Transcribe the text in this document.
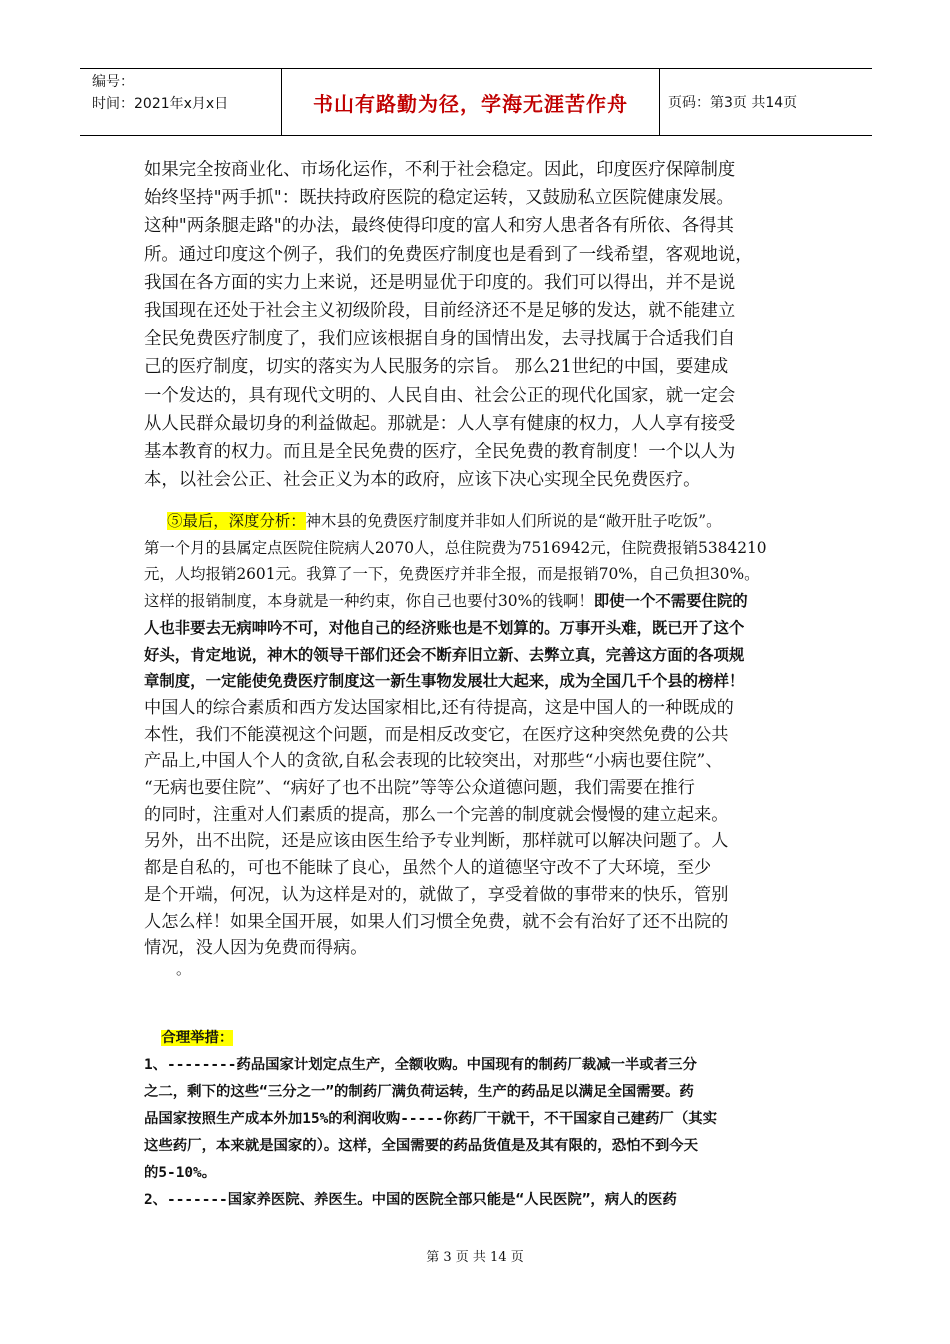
编号：
时间：2021年x月x日	书山有路勤为径，学海无涯苦作舟	页码：第3页 共14页
如果完全按商业化、市场化运作，不利于社会稳定。因此，印度医疗保障制度
始终坚持"两手抓"：既扶持政府医院的稳定运转，又鼓励私立医院健康发展。
这种"两条腿走路"的办法，最终使得印度的富人和穷人患者各有所依、各得其
所。通过印度这个例子，我们的免费医疗制度也是看到了一线希望，客观地说，
我国在各方面的实力上来说，还是明显优于印度的。我们可以得出，并不是说
我国现在还处于社会主义初级阶段，目前经济还不是足够的发达，就不能建立
全民免费医疗制度了，我们应该根据自身的国情出发，去寻找属于合适我们自
己的医疗制度，切实的落实为人民服务的宗旨。 那么21世纪的中国，要建成
一个发达的，具有现代文明的、人民自由、社会公正的现代化国家，就一定会
从人民群众最切身的利益做起。那就是：人人享有健康的权力，人人享有接受
基本教育的权力。而且是全民免费的医疗，全民免费的教育制度！一个以人为
本，以社会公正、社会正义为本的政府，应该下决心实现全民免费医疗。
  ⑤最后，深度分析：神木县的免费医疗制度并非如人们所说的是“敞开肚子吃饭”。
第一个月的县属定点医院住院病人2070人，总住院费为7516942元，住院费报销5384210
元，人均报销2601元。我算了一下，免费医疗并非全报，而是报销70%，自己负担30%。
这样的报销制度，本身就是一种约束，你自己也要付30%的钱啊！即使一个不需要住院的
人也非要去无病呻吟不可，对他自己的经济账也是不划算的。万事开头难，既已开了这个
好头，肯定地说，神木的领导干部们还会不断弃旧立新、去弊立真，完善这方面的各项规
章制度，一定能使免费医疗制度这一新生事物发展壮大起来，成为全国几千个县的榜样！
中国人的综合素质和西方发达国家相比,还有待提高，这是中国人的一种既成的
本性，我们不能漠视这个问题，而是相反改变它，在医疗这种突然免费的公共
产品上,中国人个人的贪欲,自私会表现的比较突出，对那些“小病也要住院”、
“无病也要住院”、“病好了也不出院”等等公众道德问题，我们需要在推行
的同时，注重对人们素质的提高，那么一个完善的制度就会慢慢的建立起来。
另外，出不出院，还是应该由医生给予专业判断，那样就可以解决问题了。人
都是自私的，可也不能昧了良心，虽然个人的道德坚守改不了大环境，至少
是个开端，何况，认为这样是对的，就做了，享受着做的事带来的快乐，管别
人怎么样！如果全国开展，如果人们习惯全免费，就不会有治好了还不出院的
情况，没人因为免费而得病。
。
  合理举措：
1、--------药品国家计划定点生产，全额收购。中国现有的制药厂裁减一半或者三分
之二，剩下的这些“三分之一”的制药厂满负荷运转，生产的药品足以满足全国需要。药
品国家按照生产成本外加15%的利润收购-----你药厂干就干，不干国家自己建药厂（其实
这些药厂，本来就是国家的）。这样，全国需要的药品货值是及其有限的，恐怕不到今天
的5-10%。
2、-------国家养医院、养医生。中国的医院全部只能是“人民医院”，病人的医药
第 3 页 共 14 页
